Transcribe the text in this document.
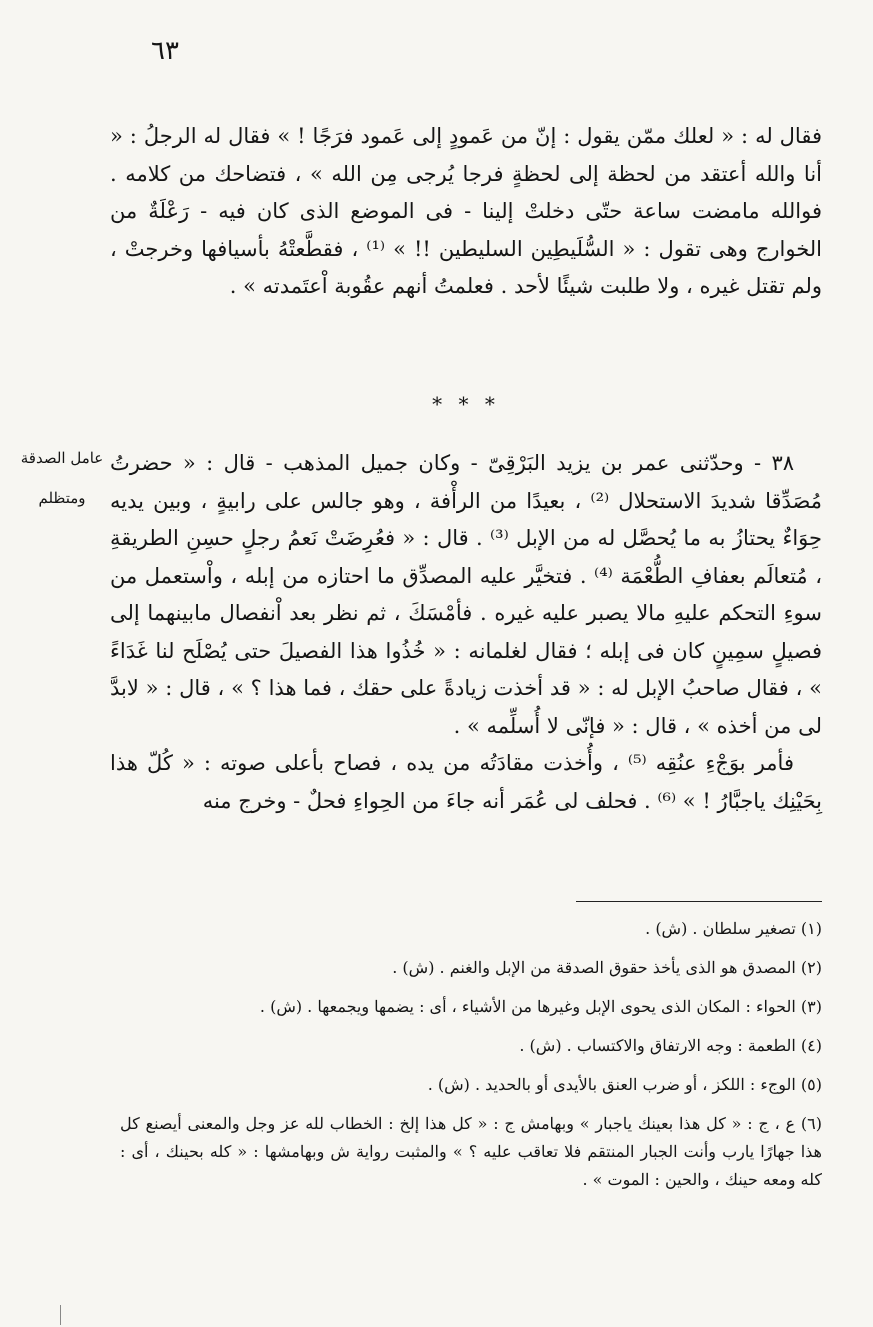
٦٣

فقال له : « لعلك ممّن يقول : إنّ من عَمودٍ إلى عَمود فرَجًا ! » فقال له الرجلُ : « أنا والله أعتقد من لحظة إلى لحظةٍ فرجا يُرجى مِن الله » ، فتضاحك من كلامه . فوالله مامضت ساعة حتّى دخلتْ إلينا - فى الموضع الذى كان فيه - رَعْلَةٌ من الخوارج وهى تقول : « السُّلَيطِين السليطين !! » ⁽¹⁾ ، فقطَّعتْهُ بأسيافها وخرجتْ ، ولم تقتل غيره ، ولا طلبت شيئًا لأحد . فعلمتُ أنهم عقُوبة اْعتَمدته » .

* * *
عامل الصدقة
ومتظلم

٣٨ - وحدّثنى عمر بن يزيد البَرْقِىّ - وكان جميل المذهب - قال : « حضرتُ مُصَدِّقا شديدَ الاستحلال ⁽²⁾ ، بعيدًا من الرأْفة ، وهو جالس على رابيةٍ ، وبين يديه حِوَاءٌ يحتازُ به ما يُحصَّل له من الإبل ⁽³⁾ . قال : « فعُرِضَتْ نَعمُ رجلٍ حسِنِ الطريقةِ ، مُتعالَم بعفافِ الطُّعْمَة ⁽⁴⁾ . فتخيَّر عليه المصدِّق ما احتازه من إبله ، واْستعمل من سوءِ التحكم عليهِ مالا يصبر عليه غيره . فأمْسَكَ ، ثم نظر بعد اْنفصال مابينهما إلى فصيلٍ سمِينٍ كان فى إبله ؛ فقال لغلمانه : « خُذُوا هذا الفصيلَ حتى يُصْلَح لنا غَدَاءً » ، فقال صاحبُ الإبل له : « قد أخذت زيادةً على حقك ، فما هذا ؟ » ، قال : « لابدَّ لى من أخذه » ، قال : « فإنّى لا أُسلِّمه » .

فأمر بوَجْءِ عنُقِه ⁽⁵⁾ ، وأُخذت مقادَتُه من يده ، فصاح بأعلى صوته : « كُلّ هذا بِحَيْنِك ياجبَّارُ ! » ⁽⁶⁾ . فحلف لى عُمَر أنه جاءَ من الحِواءِ فحلٌ - وخرج منه

(١) تصغير سلطان . (ش) .

(٢) المصدق هو الذى يأخذ حقوق الصدقة من الإبل والغنم . (ش) .

(٣) الحواء : المكان الذى يحوى الإبل وغيرها من الأشياء ، أى : يضمها ويجمعها . (ش) .

(٤) الطعمة : وجه الارتفاق والاكتساب . (ش) .

(٥) الوجء : اللكز ، أو ضرب العنق بالأيدى أو بالحديد . (ش) .

(٦) ع ، ج : « كل هذا بعينك ياجبار » وبهامش ج : « كل هذا إلخ : الخطاب لله عز وجل والمعنى أيصنع كل هذا جهارًا يارب وأنت الجبار المنتقم فلا تعاقب عليه ؟ » والمثبت رواية ش وبهامشها : « كله بحينك ، أى : كله ومعه حينك ، والحين : الموت » .
